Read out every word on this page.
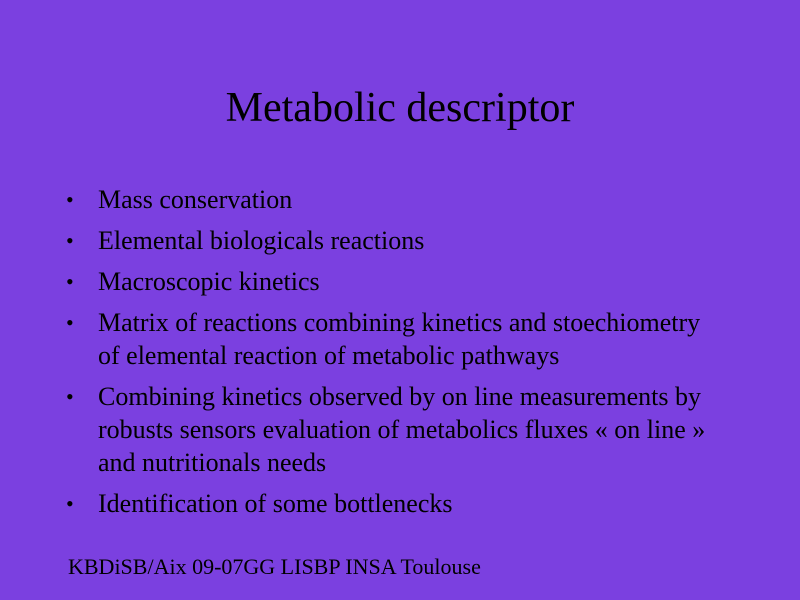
Metabolic descriptor
• Mass conservation
• Elemental biologicals reactions
• Macroscopic kinetics
• Matrix of reactions combining kinetics and stoechiometry of elemental reaction of metabolic pathways
• Combining kinetics observed by on line measurements by robusts sensors evaluation of metabolics fluxes « on line » and nutritionals needs
• Identification of some bottlenecks
KBDiSB/Aix 09-07GG LISBP INSA Toulouse
